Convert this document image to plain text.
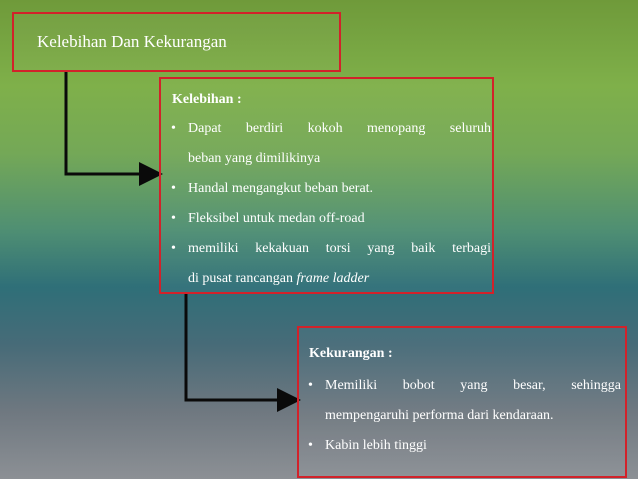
Kelebihan Dan Kekurangan
Kelebihan :
• Dapat berdiri kokoh menopang seluruh
beban yang dimilikinya
• Handal mengangkut beban berat.
• Fleksibel untuk medan off-road
• memiliki kekakuan torsi yang baik terbagi
di pusat rancangan frame ladder
Kekurangan :
• Memiliki bobot yang besar, sehingga
mempengaruhi performa dari kendaraan.
• Kabin lebih tinggi
